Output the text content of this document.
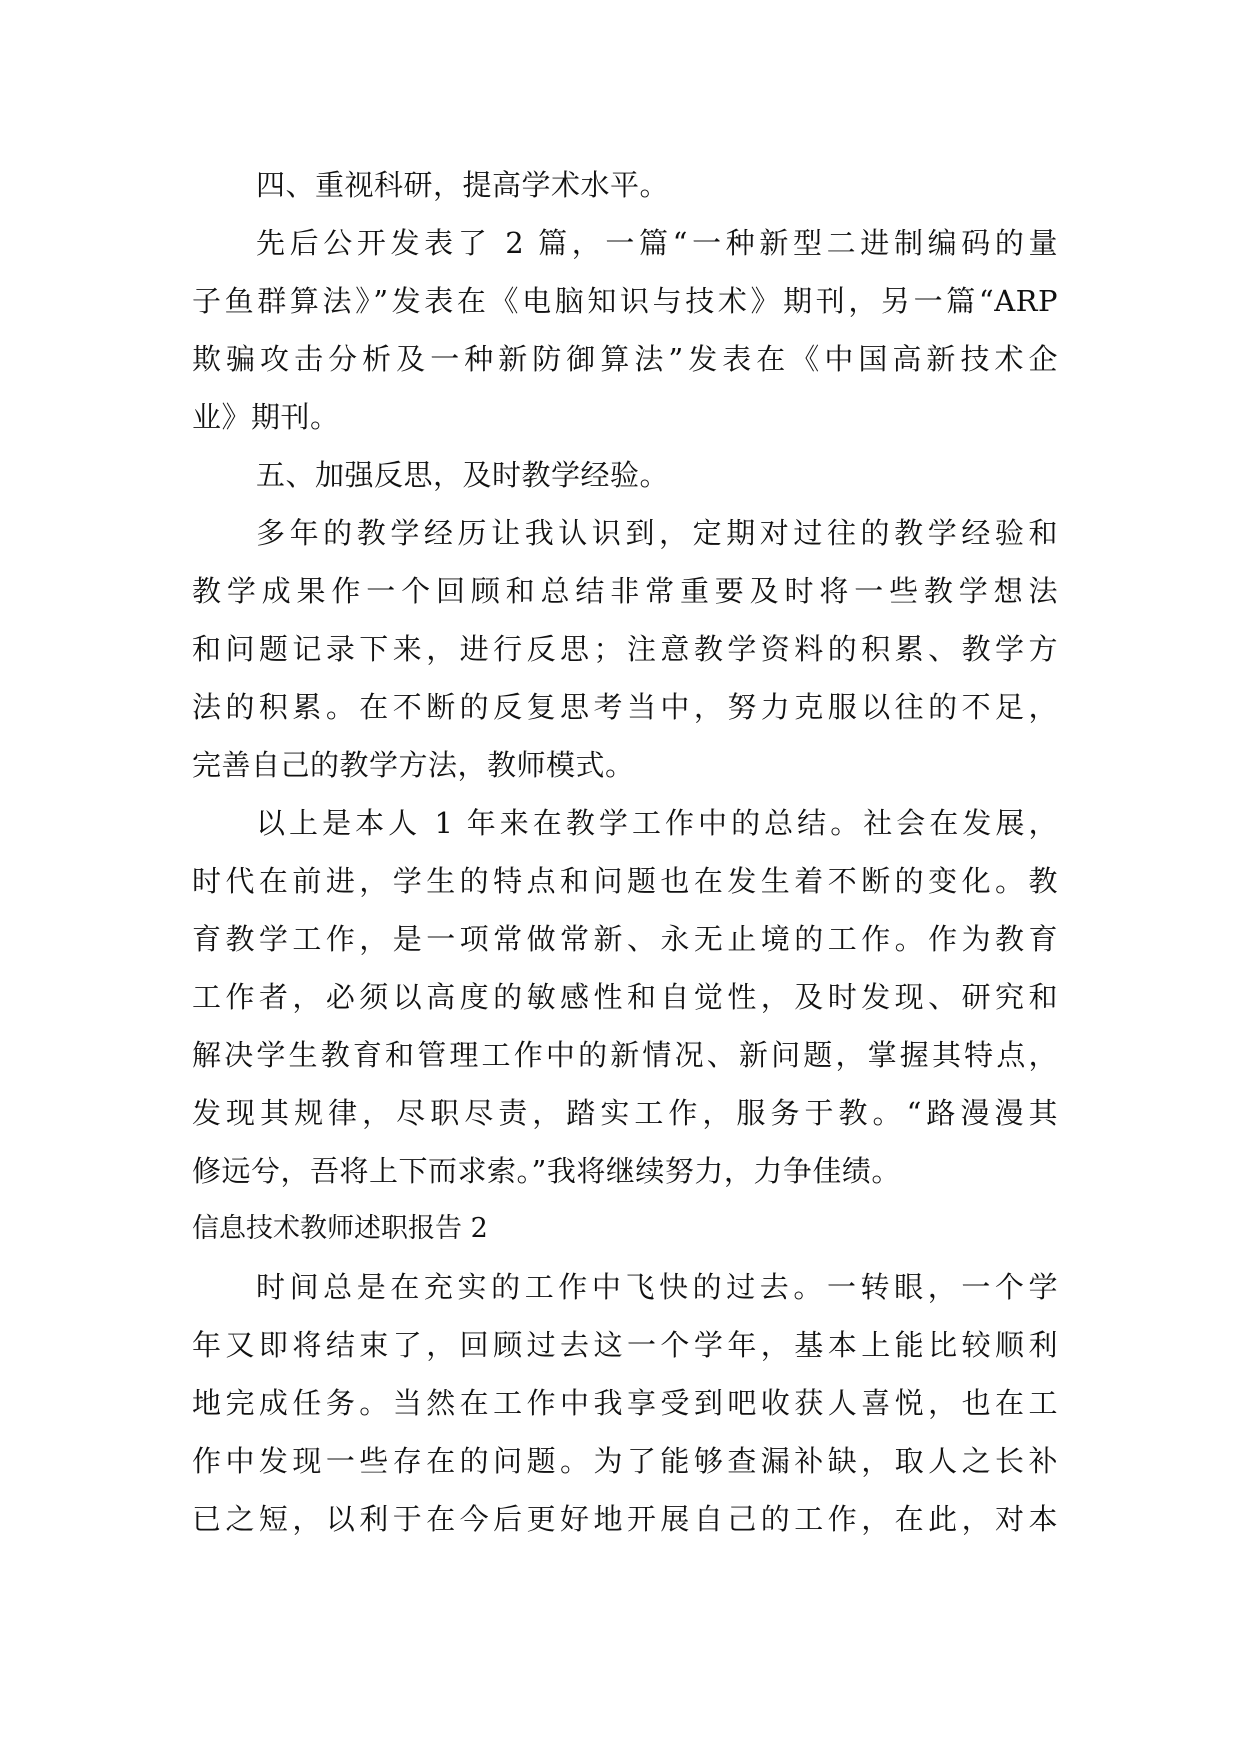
四、重视科研，提高学术水平。
先后公开发表了 2 篇，一篇“一种新型二进制编码的量
子鱼群算法》”发表在《电脑知识与技术》期刊，另一篇“ARP
欺骗攻击分析及一种新防御算法”发表在《中国高新技术企
业》期刊。
五、加强反思，及时教学经验。
多年的教学经历让我认识到，定期对过往的教学经验和
教学成果作一个回顾和总结非常重要及时将一些教学想法
和问题记录下来，进行反思；注意教学资料的积累、教学方
法的积累。在不断的反复思考当中，努力克服以往的不足，
完善自己的教学方法，教师模式。
以上是本人 1 年来在教学工作中的总结。社会在发展，
时代在前进，学生的特点和问题也在发生着不断的变化。教
育教学工作，是一项常做常新、永无止境的工作。作为教育
工作者，必须以高度的敏感性和自觉性，及时发现、研究和
解决学生教育和管理工作中的新情况、新问题，掌握其特点，
发现其规律，尽职尽责，踏实工作，服务于教。“路漫漫其
修远兮，吾将上下而求索。”我将继续努力，力争佳绩。
信息技术教师述职报告 2
时间总是在充实的工作中飞快的过去。一转眼，一个学
年又即将结束了，回顾过去这一个学年，基本上能比较顺利
地完成任务。当然在工作中我享受到吧收获人喜悦，也在工
作中发现一些存在的问题。为了能够查漏补缺，取人之长补
已之短，以利于在今后更好地开展自己的工作，在此，对本
